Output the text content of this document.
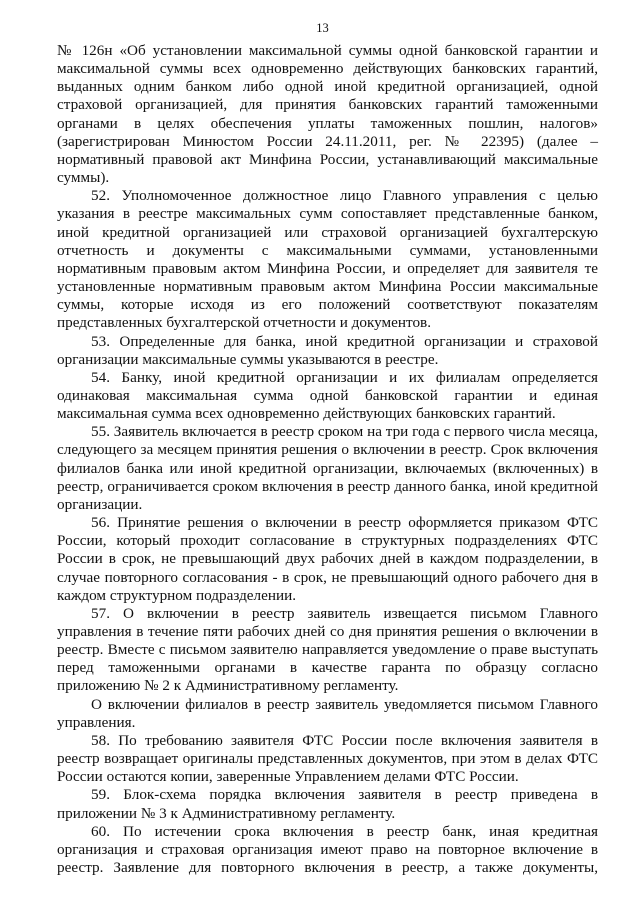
13

№ 126н «Об установлении максимальной суммы одной банковской гарантии и максимальной суммы всех одновременно действующих банковских гарантий, выданных одним банком либо одной иной кредитной организацией, одной страховой организацией, для принятия банковских гарантий таможенными органами в целях обеспечения уплаты таможенных пошлин, налогов» (зарегистрирован Минюстом России 24.11.2011, рег. № 22395) (далее – нормативный правовой акт Минфина России, устанавливающий максимальные суммы).

52. Уполномоченное должностное лицо Главного управления с целью указания в реестре максимальных сумм сопоставляет представленные банком, иной кредитной организацией или страховой организацией бухгалтерскую отчетность и документы с максимальными суммами, установленными нормативным правовым актом Минфина России, и определяет для заявителя те установленные нормативным правовым актом Минфина России максимальные суммы, которые исходя из его положений соответствуют показателям представленных бухгалтерской отчетности и документов.

53. Определенные для банка, иной кредитной организации и страховой организации максимальные суммы указываются в реестре.

54. Банку, иной кредитной организации и их филиалам определяется одинаковая максимальная сумма одной банковской гарантии и единая максимальная сумма всех одновременно действующих банковских гарантий.

55. Заявитель включается в реестр сроком на три года с первого числа месяца, следующего за месяцем принятия решения о включении в реестр. Срок включения филиалов банка или иной кредитной организации, включаемых (включенных) в реестр, ограничивается сроком включения в реестр данного банка, иной кредитной организации.

56. Принятие решения о включении в реестр оформляется приказом ФТС России, который проходит согласование в структурных подразделениях ФТС России в срок, не превышающий двух рабочих дней в каждом подразделении, в случае повторного согласования - в срок, не превышающий одного рабочего дня в каждом структурном подразделении.

57. О включении в реестр заявитель извещается письмом Главного управления в течение пяти рабочих дней со дня принятия решения о включении в реестр. Вместе с письмом заявителю направляется уведомление о праве выступать перед таможенными органами в качестве гаранта по образцу согласно приложению № 2 к Административному регламенту.

О включении филиалов в реестр заявитель уведомляется письмом Главного управления.

58. По требованию заявителя ФТС России после включения заявителя в реестр возвращает оригиналы представленных документов, при этом в делах ФТС России остаются копии, заверенные Управлением делами ФТС России.

59. Блок-схема порядка включения заявителя в реестр приведена в приложении № 3 к Административному регламенту.

60. По истечении срока включения в реестр банк, иная кредитная организация и страховая организация имеют право на повторное включение в реестр. Заявление для повторного включения в реестр, а также документы,
